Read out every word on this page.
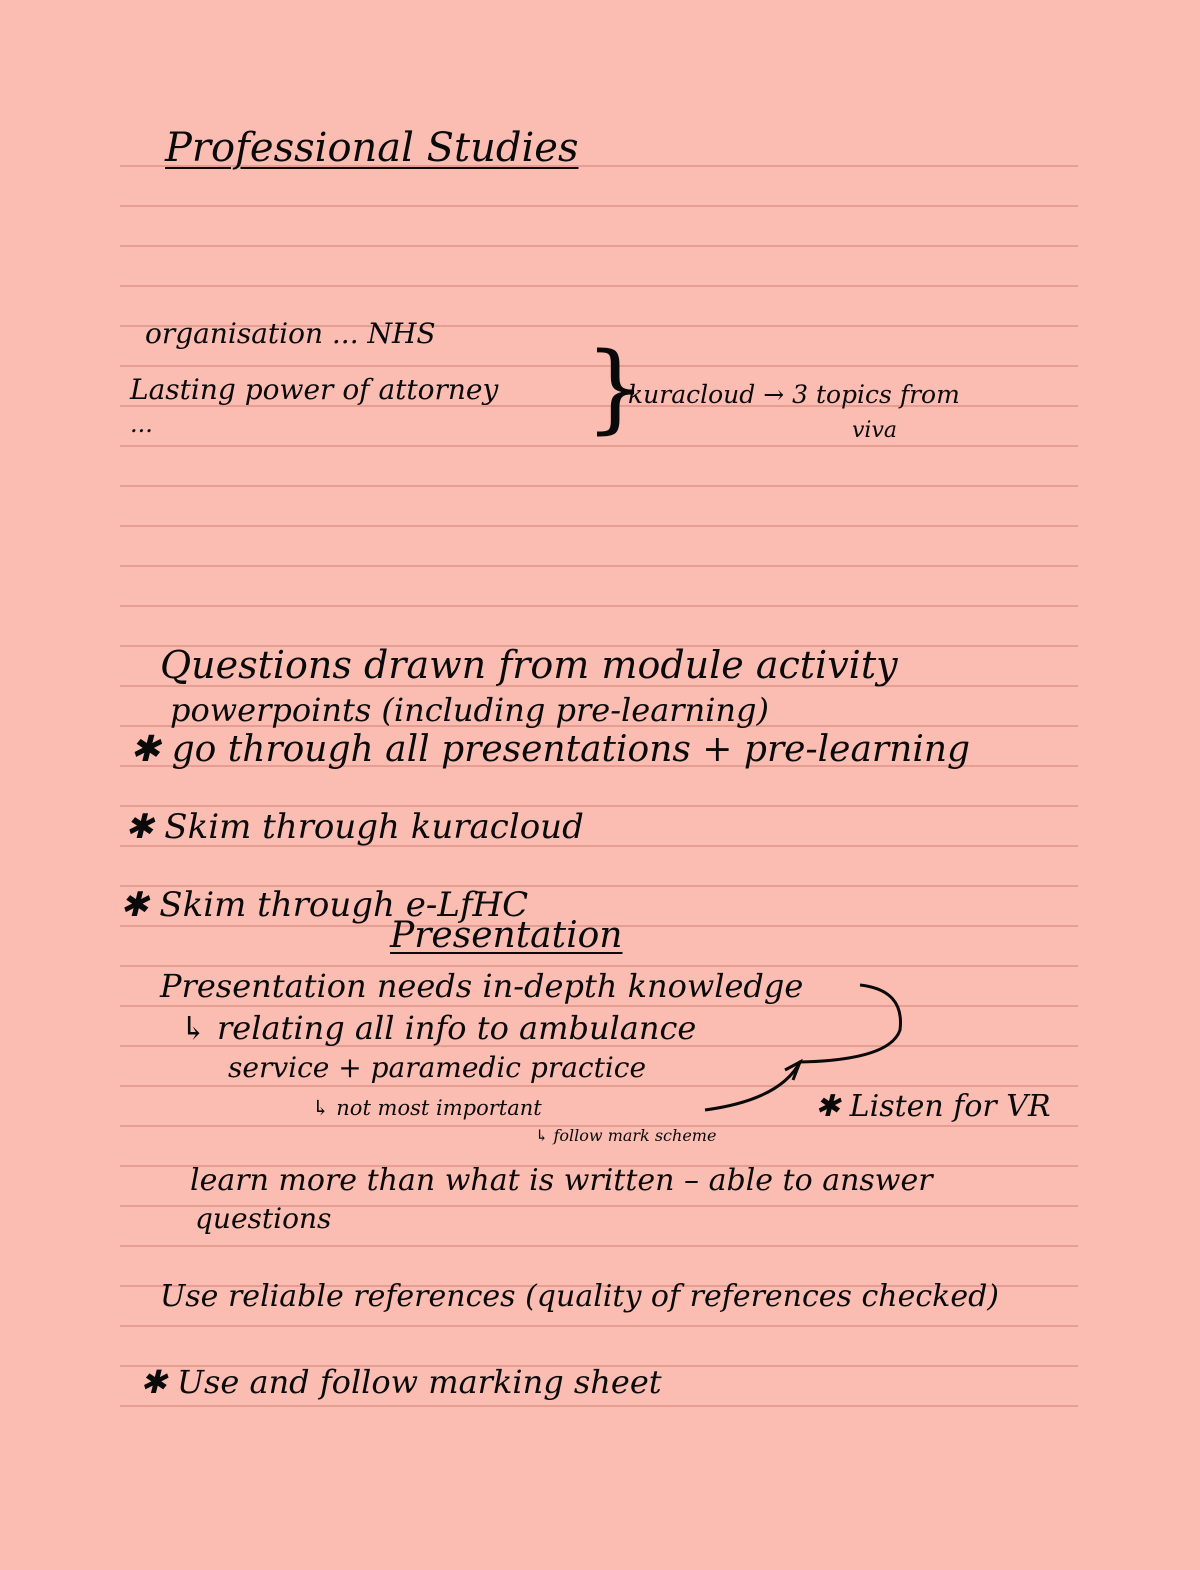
Professional Studies
organisation ... NHS
Lasting power of attorney
...	}
kuracloud → 3 topics from
viva
Questions drawn from module activity
powerpoints (including pre-learning)
✱ go through all presentations + pre-learning
✱ Skim through kuracloud
✱ Skim through e-LfHC
Presentation
Presentation needs in-depth knowledge
↳ relating all info to ambulance
service + paramedic practice
↳ not most important
↳ follow mark scheme
✱ Listen for VR
learn more than what is written – able to answer
questions
Use reliable references (quality of references checked)
✱ Use and follow marking sheet
